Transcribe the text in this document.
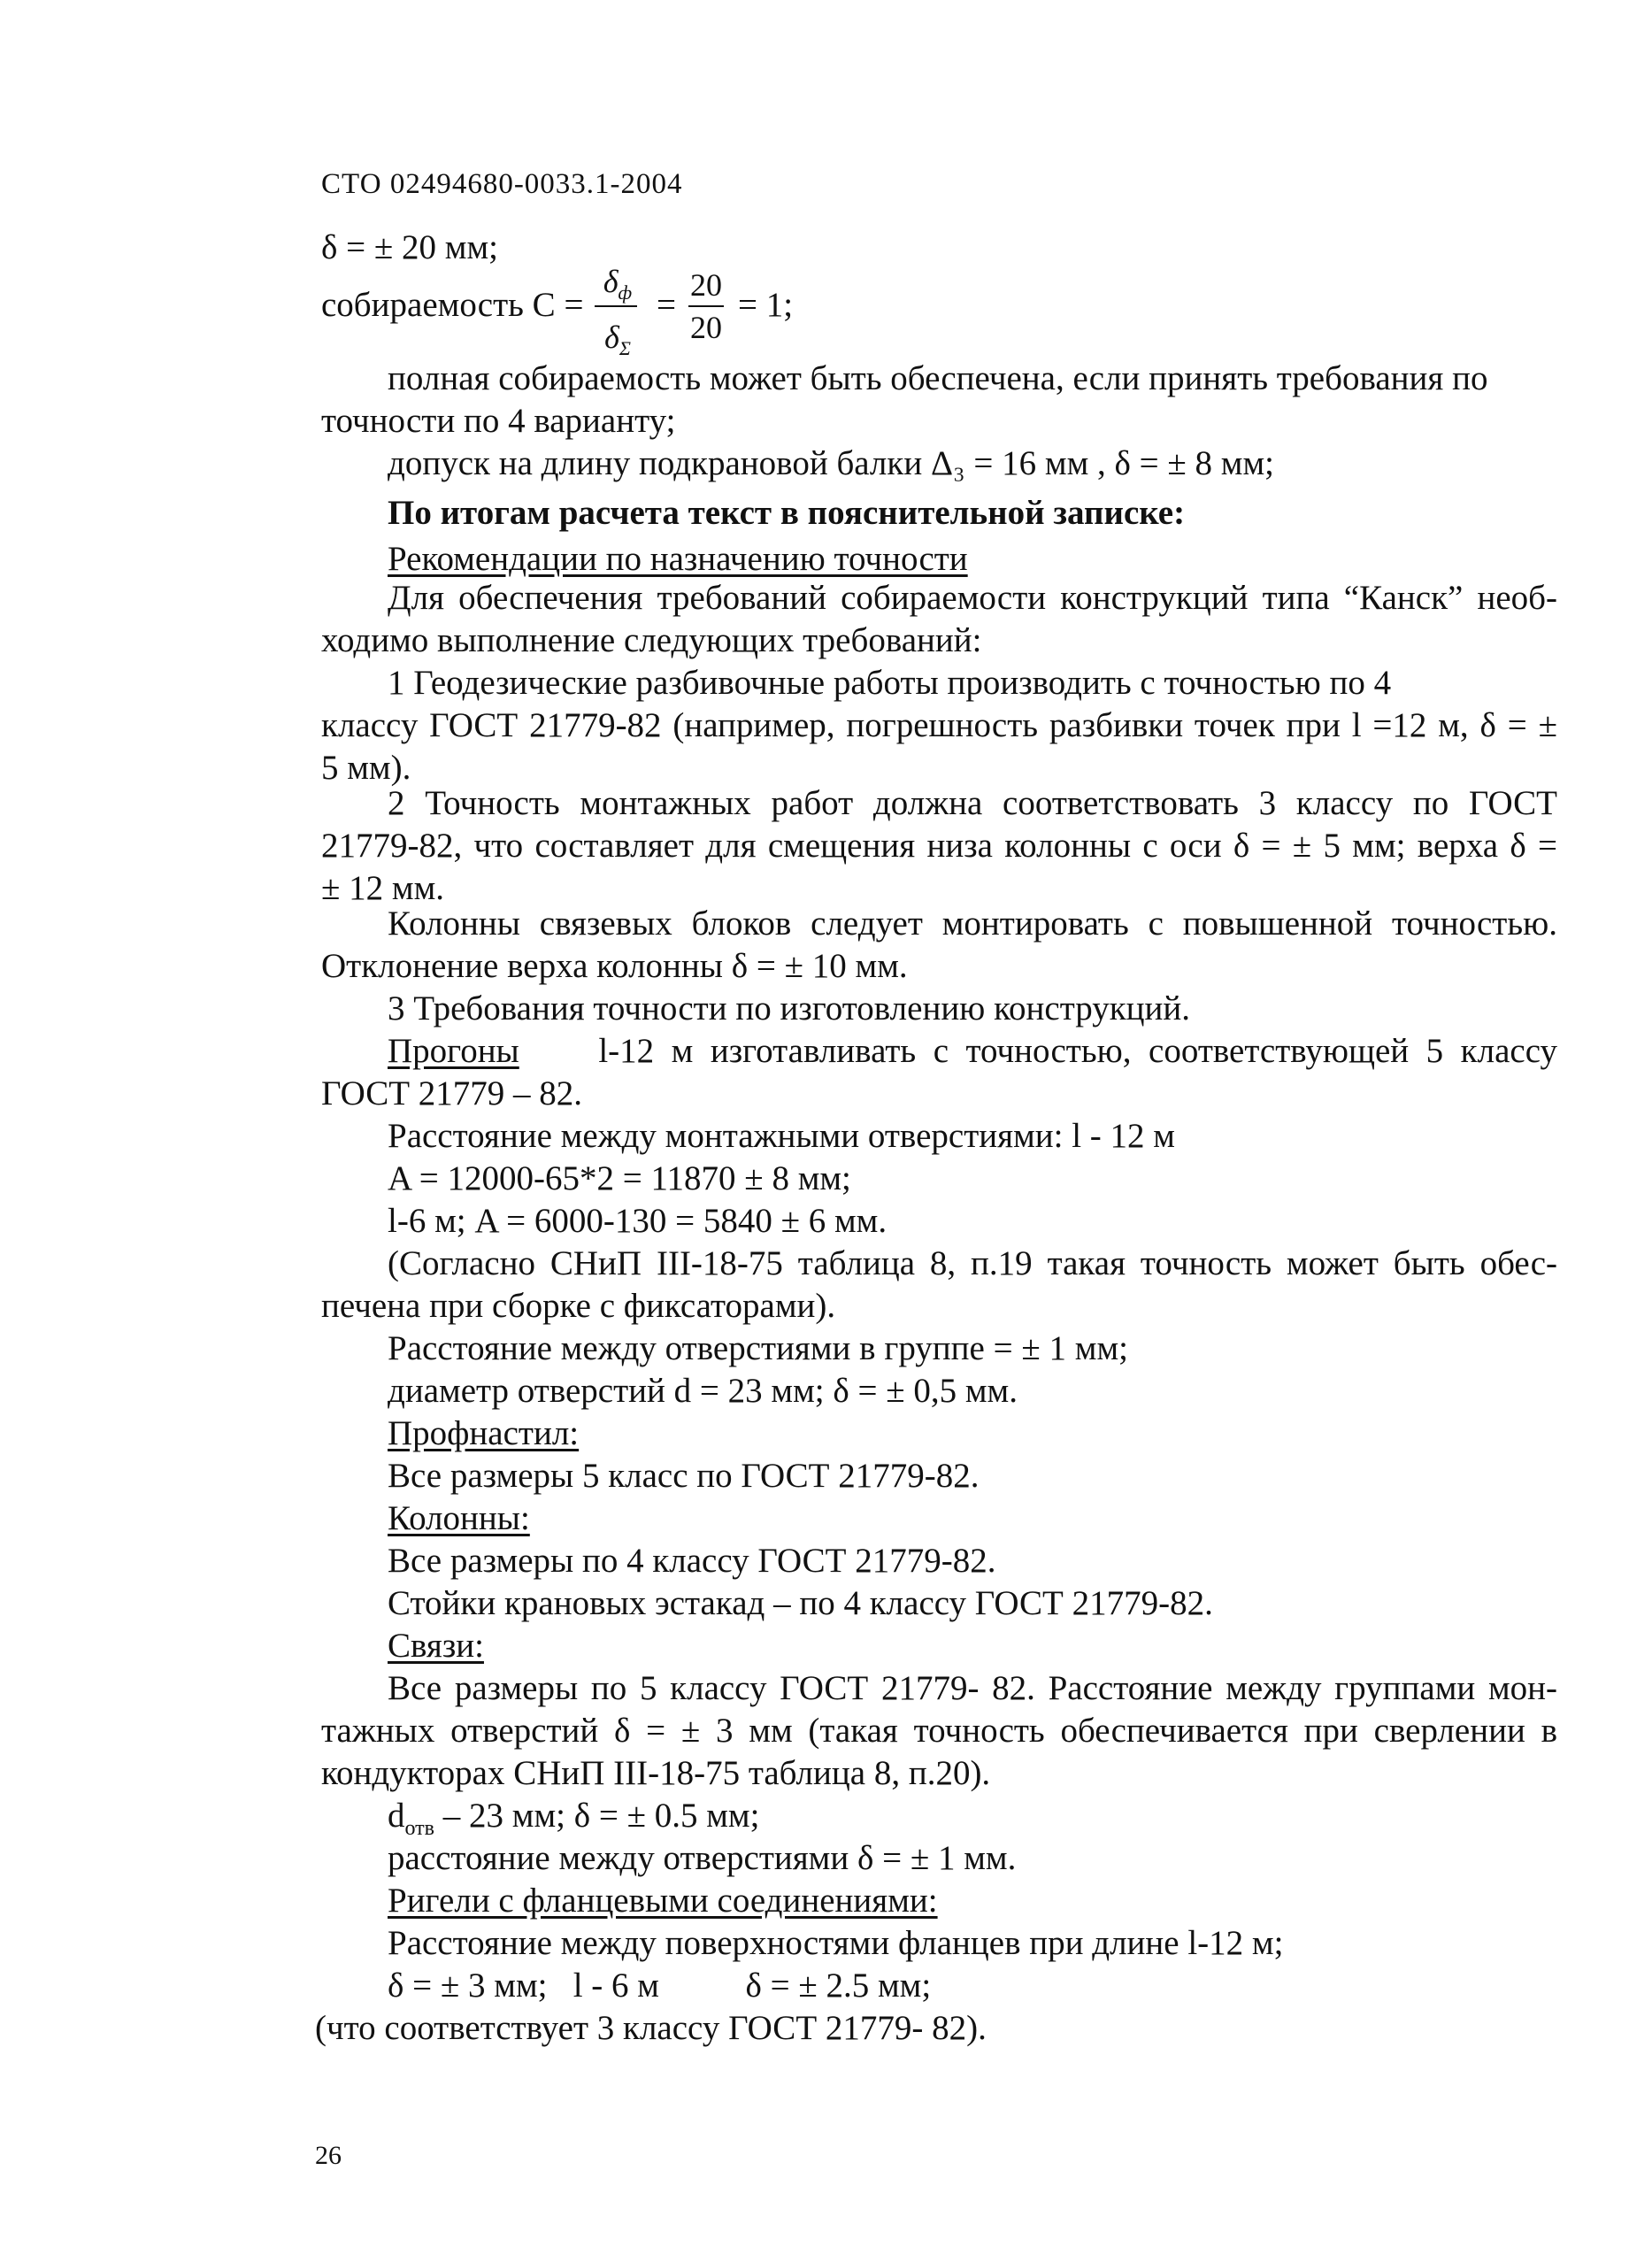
СТО 02494680-0033.1-2004
δ = ± 20 мм;
собираемость C =
$\delta_ф$
$\delta_\Sigma$
=
20
20
= 1;
полная собираемость может быть обеспечена, если принять требования по
точности по 4 варианту;
допуск на длину подкрановой балки Δ₃ = 16 мм , δ = ± 8 мм;
По итогам расчета текст в пояснительной записке:
Рекомендации по назначению точности
Для обеспечения требований собираемости конструкций типа “Канск” необ-
ходимо выполнение следующих требований:
1 Геодезические разбивочные работы производить с точностью по 4
классу ГОСТ 21779-82 (например, погрешность разбивки точек при l =12 м, δ = ±
5 мм).
2 Точность монтажных работ должна соответствовать 3 классу по ГОСТ
21779-82, что составляет для смещения низа колонны с оси δ = ± 5 мм; верха δ =
± 12 мм.
Колонны связевых блоков следует монтировать с повышенной точностью.
Отклонение верха колонны δ = ± 10 мм.
3 Требования точности по изготовлению конструкций.
Прогоны l-12  м  изготавливать  с  точностью,  соответствующей  5  классу
ГОСТ 21779 – 82.
Расстояние между монтажными отверстиями: l - 12 м
A = 12000-65*2 = 11870 ± 8 мм;
l-6 м; A = 6000-130 = 5840 ± 6 мм.
(Согласно СНиП III-18-75 таблица 8, п.19 такая точность может быть обес-
печена при сборке с фиксаторами).
Расстояние между отверстиями в группе = ± 1 мм;
диаметр отверстий d = 23 мм; δ = ± 0,5 мм.
Профнастил:
Все размеры 5 класс по ГОСТ 21779-82.
Колонны:
Все размеры по 4 классу ГОСТ 21779-82.
Стойки крановых эстакад – по 4 классу ГОСТ 21779-82.
Связи:
Все размеры по 5 классу ГОСТ 21779- 82. Расстояние между группами мон-
тажных отверстий δ = ± 3 мм (такая точность обеспечивается при сверлении в
кондукторах СНиП III-18-75 таблица 8, п.20).
$d_{отв} - 23$ мм; δ = ± 0.5 мм;
расстояние между отверстиями δ = ± 1 мм.
Ригели с фланцевыми соединениями:
Расстояние между поверхностями фланцев при длине l-12 м;
δ = ± 3 мм;   l - 6 м          δ = ± 2.5 мм;
(что соответствует 3 классу ГОСТ 21779- 82).
26
